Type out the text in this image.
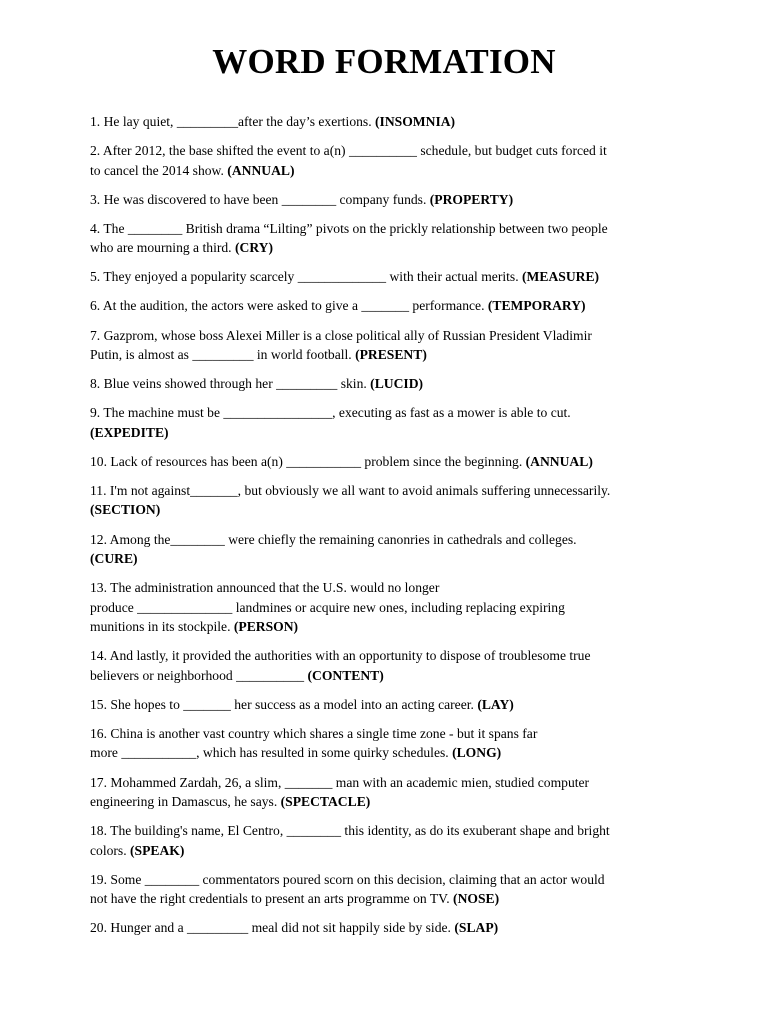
WORD FORMATION
1. He lay quiet, _________after the day’s exertions. (INSOMNIA)
2. After 2012, the base shifted the event to a(n) __________ schedule, but budget cuts forced it
to cancel the 2014 show. (ANNUAL)
3. He was discovered to have been ________ company funds. (PROPERTY)
4. The ________ British drama “Lilting” pivots on the prickly relationship between two people
who are mourning a third. (CRY)
5. They enjoyed a popularity scarcely _____________ with their actual merits. (MEASURE)
6. At the audition, the actors were asked to give a _______ performance. (TEMPORARY)
7. Gazprom, whose boss Alexei Miller is a close political ally of Russian President Vladimir
Putin, is almost as _________ in world football. (PRESENT)
8. Blue veins showed through her _________ skin. (LUCID)
9. The machine must be ________________, executing as fast as a mower is able to cut.
(EXPEDITE)
10. Lack of resources has been a(n) ___________ problem since the beginning. (ANNUAL)
11. I'm not against_______, but obviously we all want to avoid animals suffering unnecessarily.
(SECTION)
12. Among the________ were chiefly the remaining canonries in cathedrals and colleges.
(CURE)
13. The administration announced that the U.S. would no longer
produce ______________ landmines or acquire new ones, including replacing expiring
munitions in its stockpile. (PERSON)
14. And lastly, it provided the authorities with an opportunity to dispose of troublesome true
believers or neighborhood __________ (CONTENT)
15. She hopes to _______ her success as a model into an acting career. (LAY)
16. China is another vast country which shares a single time zone - but it spans far
more ___________, which has resulted in some quirky schedules. (LONG)
17. Mohammed Zardah, 26, a slim, _______ man with an academic mien, studied computer
engineering in Damascus, he says. (SPECTACLE)
18. The building's name, El Centro, ________ this identity, as do its exuberant shape and bright
colors. (SPEAK)
19. Some ________ commentators poured scorn on this decision, claiming that an actor would
not have the right credentials to present an arts programme on TV. (NOSE)
20. Hunger and a _________ meal did not sit happily side by side. (SLAP)
